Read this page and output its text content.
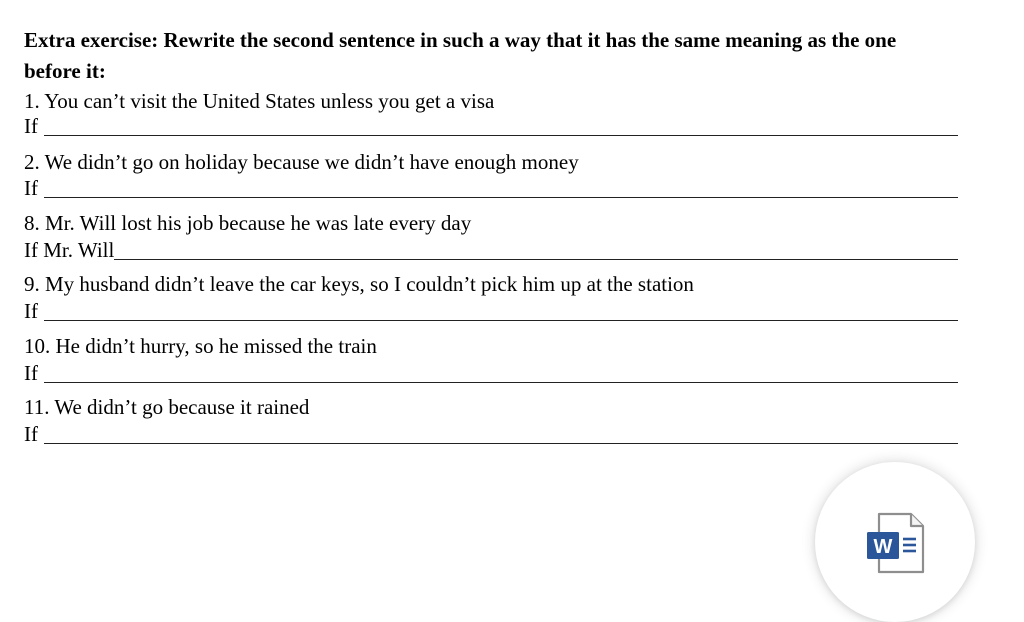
Extra exercise: Rewrite the second sentence in such a way that it has the same meaning as the one before it:
1. You can’t visit the United States unless you get a visa
If
2. We didn’t go on holiday because we didn’t have enough money
If
8. Mr. Will lost his job because he was late every day
If Mr. Will
9. My husband didn’t leave the car keys, so I couldn’t pick him up at the station
If
10. He didn’t hurry, so he missed the train
If
11. We didn’t go because it rained
If
W
